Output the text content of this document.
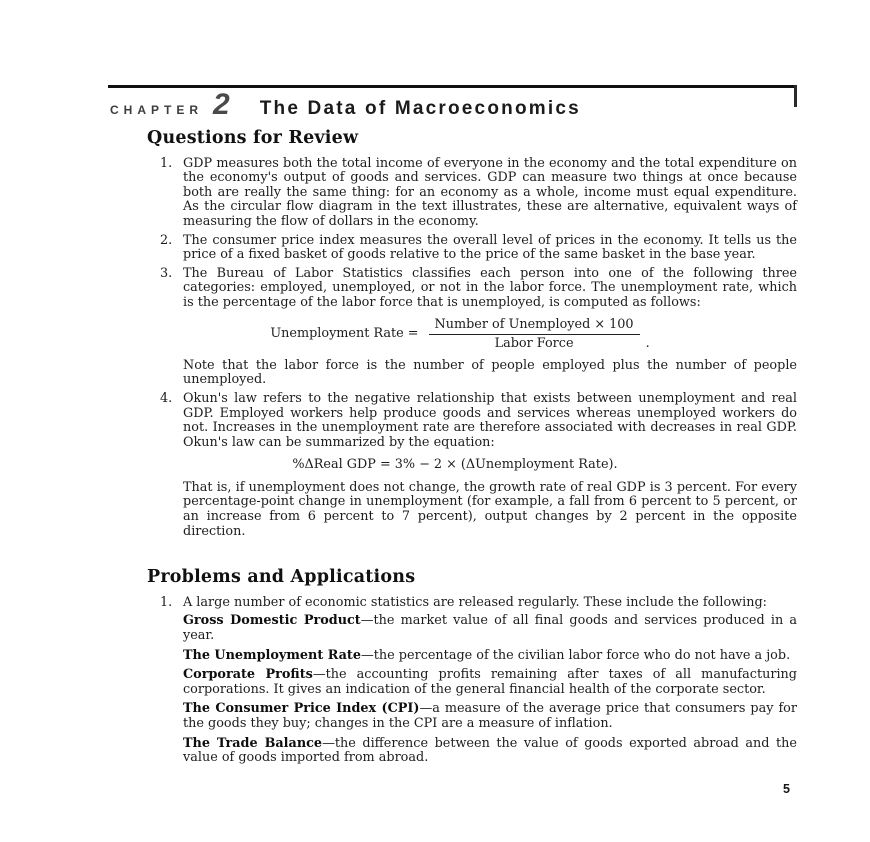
CHAPTER 2 The Data of Macroeconomics
Questions for Review

1. GDP measures both the total income of everyone in the economy and the total expenditure on the economy's output of goods and services. GDP can measure two things at once because both are really the same thing: for an economy as a whole, income must equal expenditure. As the circular flow diagram in the text illustrates, these are alternative, equivalent ways of measuring the flow of dollars in the economy.

2. The consumer price index measures the overall level of prices in the economy. It tells us the price of a fixed basket of goods relative to the price of the same basket in the base year.

3. The Bureau of Labor Statistics classifies each person into one of the following three categories: employed, unemployed, or not in the labor force. The unemployment rate, which is the percentage of the labor force that is unemployed, is computed as follows:

Unemployment Rate = $\frac{\text{Number of Unemployed × 100}}{\text{Labor Force}}$ .

Note that the labor force is the number of people employed plus the number of people unemployed.

4. Okun's law refers to the negative relationship that exists between unemployment and real GDP. Employed workers help produce goods and services whereas unemployed workers do not. Increases in the unemployment rate are therefore associated with decreases in real GDP. Okun's law can be summarized by the equation:

%ΔReal GDP = 3% − 2 × (ΔUnemployment Rate).

That is, if unemployment does not change, the growth rate of real GDP is 3 percent. For every percentage-point change in unemployment (for example, a fall from 6 percent to 5 percent, or an increase from 6 percent to 7 percent), output changes by 2 percent in the opposite direction.

Problems and Applications

1. A large number of economic statistics are released regularly. These include the following:

Gross Domestic Product—the market value of all final goods and services produced in a year.

The Unemployment Rate—the percentage of the civilian labor force who do not have a job.

Corporate Profits—the accounting profits remaining after taxes of all manufacturing corporations. It gives an indication of the general financial health of the corporate sector.

The Consumer Price Index (CPI)—a measure of the average price that consumers pay for the goods they buy; changes in the CPI are a measure of inflation.

The Trade Balance—the difference between the value of goods exported abroad and the value of goods imported from abroad.

5
